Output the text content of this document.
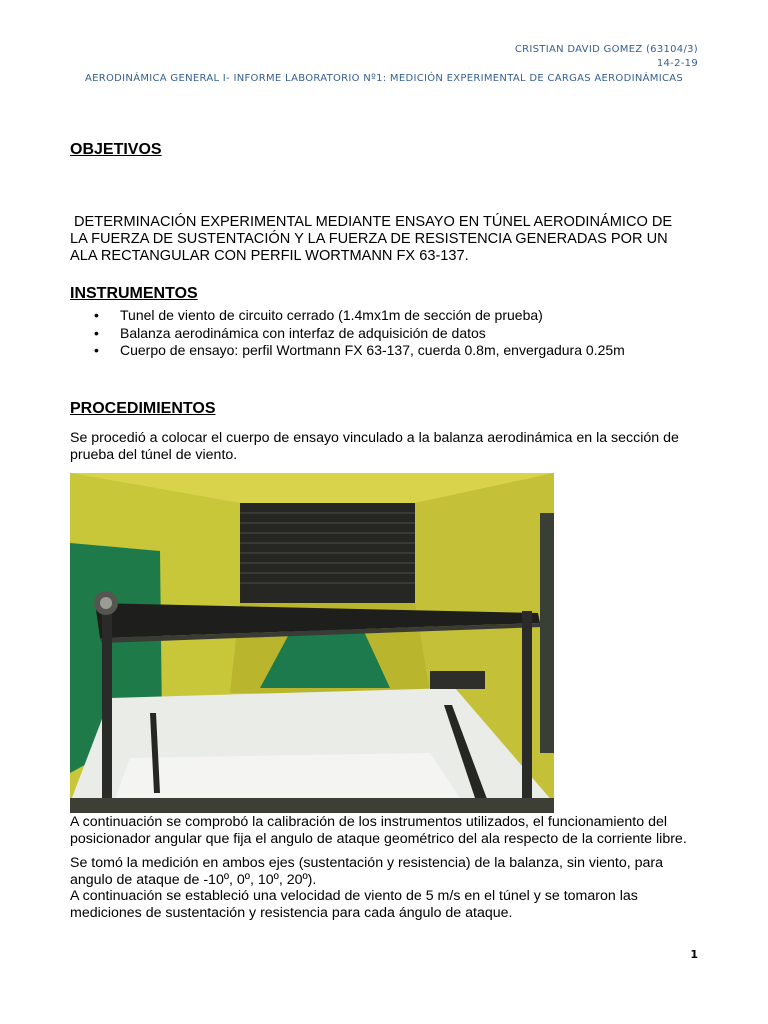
CRISTIAN DAVID GOMEZ (63104/3)
14-2-19
AERODINÁMICA GENERAL I- INFORME LABORATORIO Nº1: MEDICIÓN EXPERIMENTAL DE CARGAS AERODINÁMICAS
OBJETIVOS

DETERMINACIÓN EXPERIMENTAL MEDIANTE ENSAYO EN TÚNEL AERODINÁMICO DE LA FUERZA DE SUSTENTACIÓN Y LA FUERZA DE RESISTENCIA GENERADAS POR UN ALA RECTANGULAR CON PERFIL WORTMANN FX 63-137.

INSTRUMENTOS
• Tunel de viento de circuito cerrado (1.4mx1m de sección de prueba)
• Balanza aerodinámica con interfaz de adquisición de datos
• Cuerpo de ensayo: perfil Wortmann FX 63-137, cuerda 0.8m, envergadura 0.25m
PROCEDIMIENTOS

Se procedió a colocar el cuerpo de ensayo vinculado a la balanza aerodinámica en la sección de prueba del túnel de viento.

A continuación se comprobó la calibración de los instrumentos utilizados, el funcionamiento del posicionador angular que fija el angulo de ataque geométrico del ala respecto de la corriente libre.

Se tomó la medición en ambos ejes (sustentación y resistencia) de la balanza, sin viento, para angulo de ataque de -10º, 0º, 10º, 20º).

A continuación se estableció una velocidad de viento de 5 m/s en el túnel y se tomaron las mediciones de sustentación y resistencia para cada ángulo de ataque.

1
